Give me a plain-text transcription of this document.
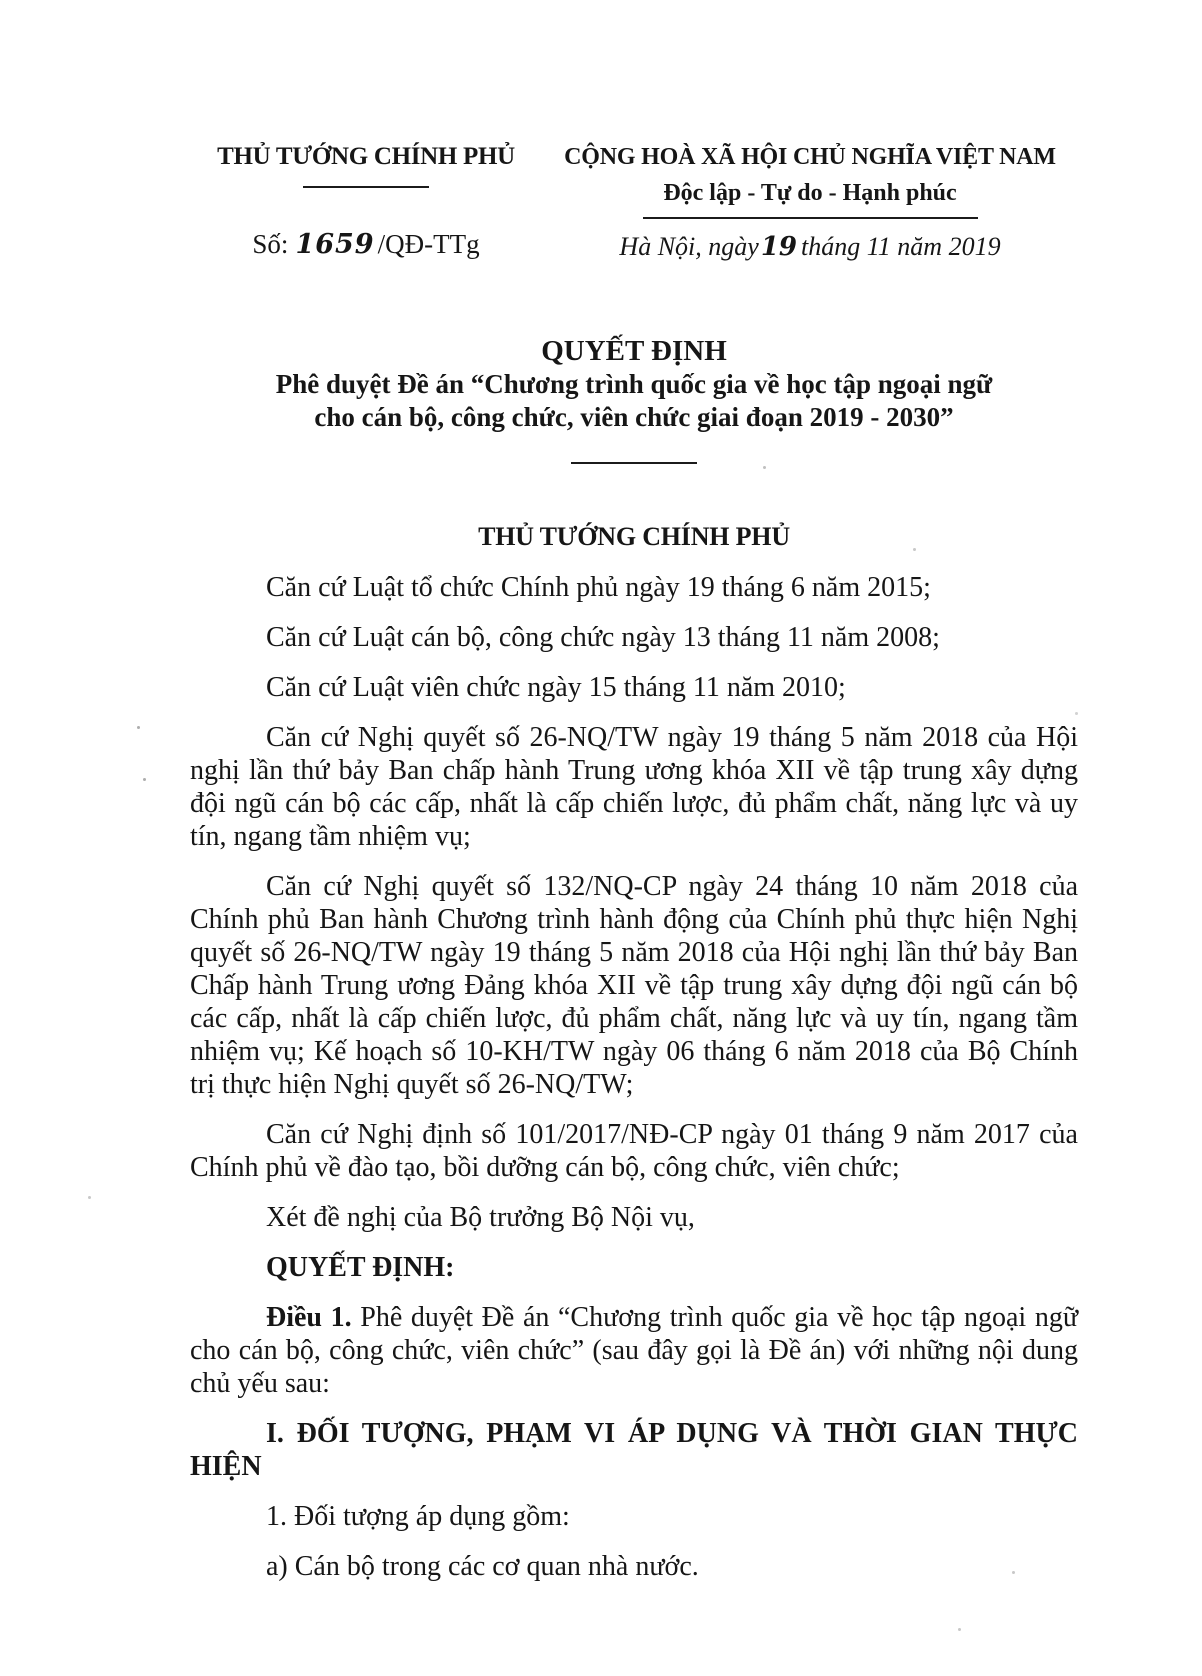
THỦ TƯỚNG CHÍNH PHỦ
Số: 1659 /QĐ-TTg
CỘNG HOÀ XÃ HỘI CHỦ NGHĨA VIỆT NAM
Độc lập - Tự do - Hạnh phúc
Hà Nội, ngày19 tháng 11 năm 2019
QUYẾT ĐỊNH
Phê duyệt Đề án “Chương trình quốc gia về học tập ngoại ngữ
cho cán bộ, công chức, viên chức giai đoạn 2019 - 2030”
THỦ TƯỚNG CHÍNH PHỦ

Căn cứ Luật tổ chức Chính phủ ngày 19 tháng 6 năm 2015;

Căn cứ Luật cán bộ, công chức ngày 13 tháng 11 năm 2008;

Căn cứ Luật viên chức ngày 15 tháng 11 năm 2010;

Căn cứ Nghị quyết số 26-NQ/TW ngày 19 tháng 5 năm 2018 của Hội nghị lần thứ bảy Ban chấp hành Trung ương khóa XII về tập trung xây dựng đội ngũ cán bộ các cấp, nhất là cấp chiến lược, đủ phẩm chất, năng lực và uy tín, ngang tầm nhiệm vụ;

Căn cứ Nghị quyết số 132/NQ-CP ngày 24 tháng 10 năm 2018 của Chính phủ Ban hành Chương trình hành động của Chính phủ thực hiện Nghị quyết số 26-NQ/TW ngày 19 tháng 5 năm 2018 của Hội nghị lần thứ bảy Ban Chấp hành Trung ương Đảng khóa XII về tập trung xây dựng đội ngũ cán bộ các cấp, nhất là cấp chiến lược, đủ phẩm chất, năng lực và uy tín, ngang tầm nhiệm vụ; Kế hoạch số 10-KH/TW ngày 06 tháng 6 năm 2018 của Bộ Chính trị thực hiện Nghị quyết số 26-NQ/TW;

Căn cứ Nghị định số 101/2017/NĐ-CP ngày 01 tháng 9 năm 2017 của Chính phủ về đào tạo, bồi dưỡng cán bộ, công chức, viên chức;

Xét đề nghị của Bộ trưởng Bộ Nội vụ,

QUYẾT ĐỊNH:

Điều 1. Phê duyệt Đề án “Chương trình quốc gia về học tập ngoại ngữ cho cán bộ, công chức, viên chức” (sau đây gọi là Đề án) với những nội dung chủ yếu sau:

I. ĐỐI TƯỢNG, PHẠM VI ÁP DỤNG VÀ THỜI GIAN THỰC HIỆN

1. Đối tượng áp dụng gồm:

a) Cán bộ trong các cơ quan nhà nước.
